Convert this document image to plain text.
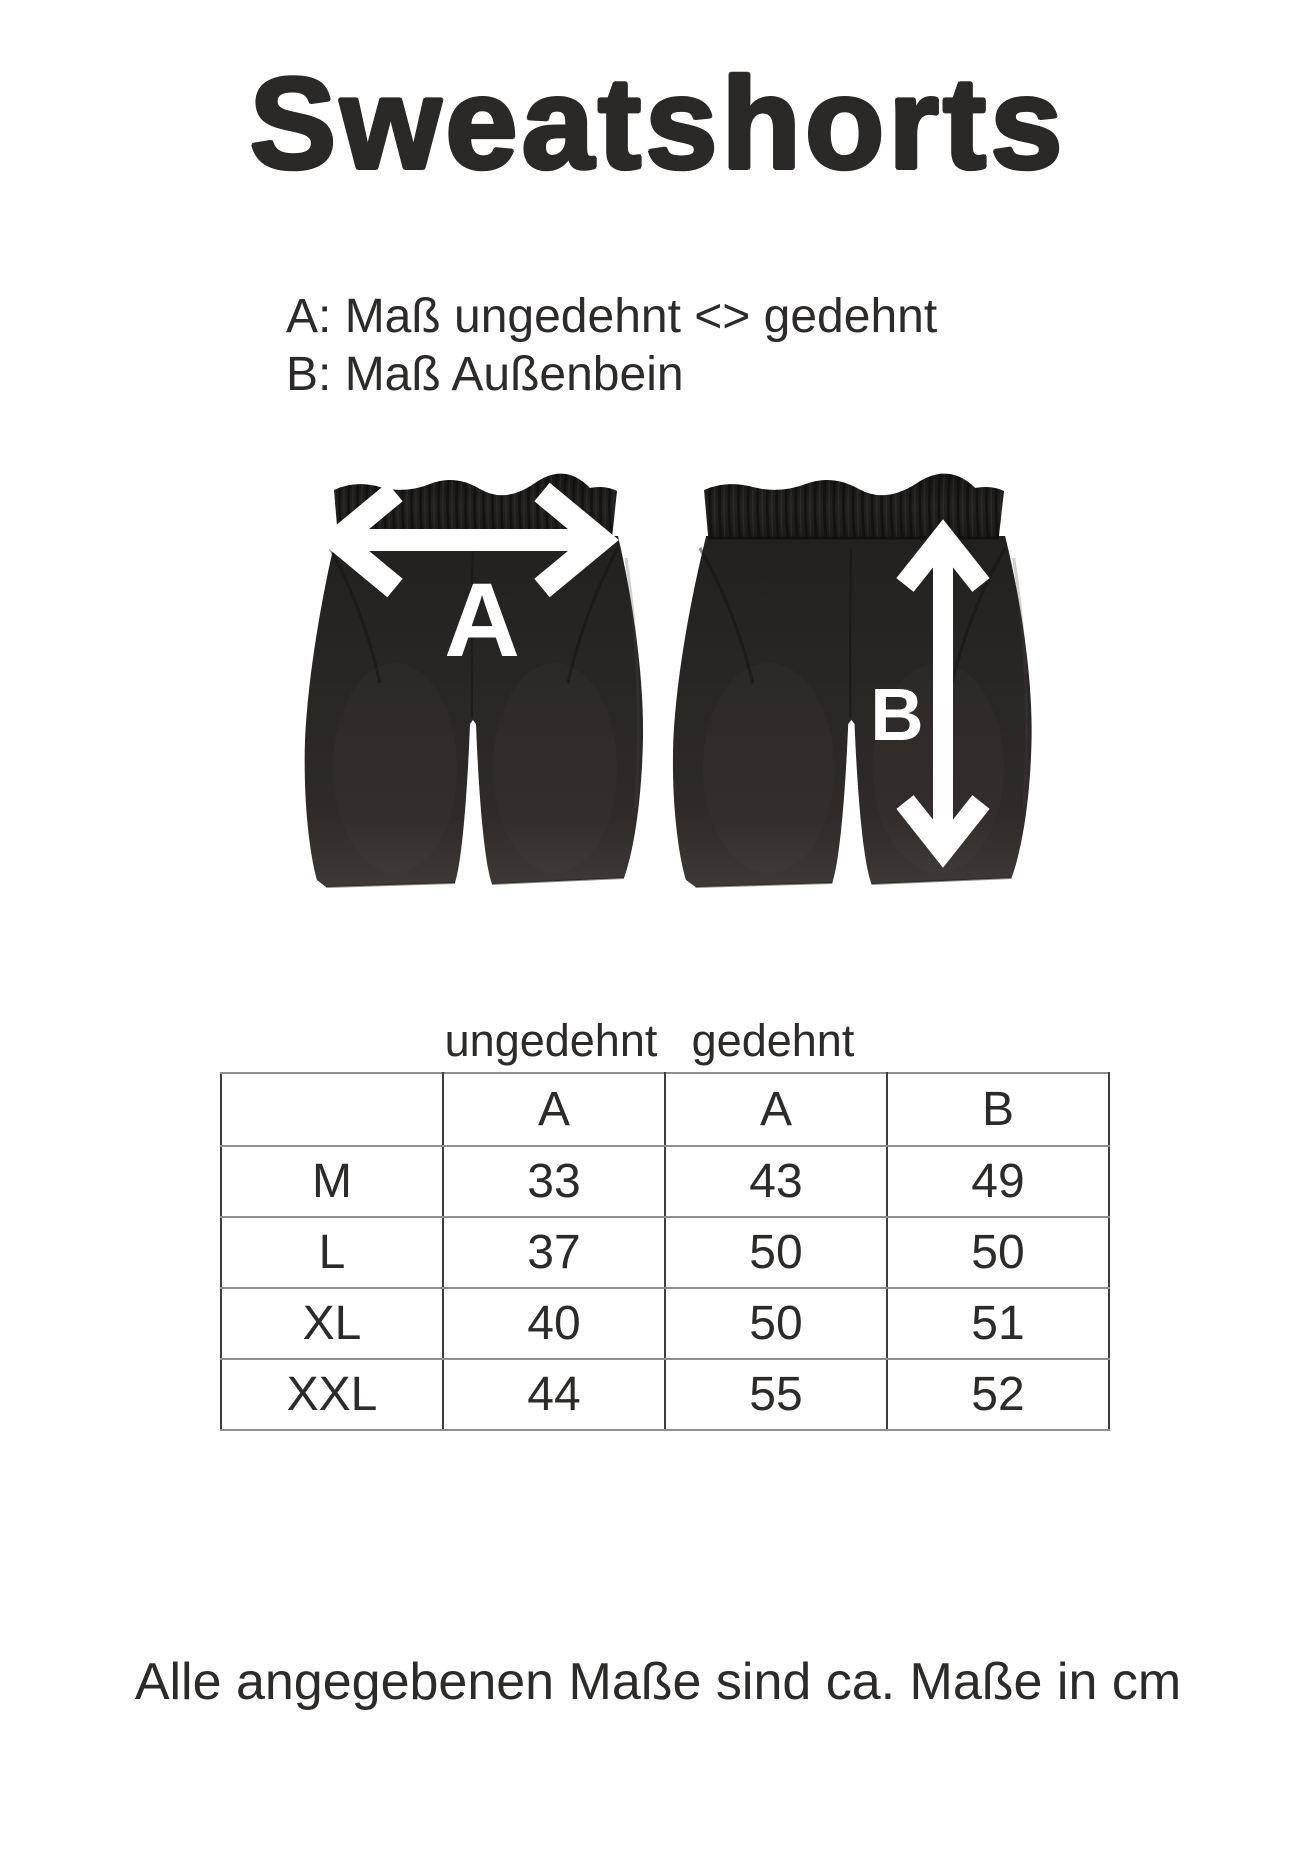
Sweatshorts
A: Maß ungedehnt <> gedehnt
B: Maß Außenbein
A
B
ungedehnt gedehnt
	A	A	B
M	33	43	49
L	37	50	50
XL	40	50	51
XXL	44	55	52
Alle angegebenen Maße sind ca. Maße in cm
